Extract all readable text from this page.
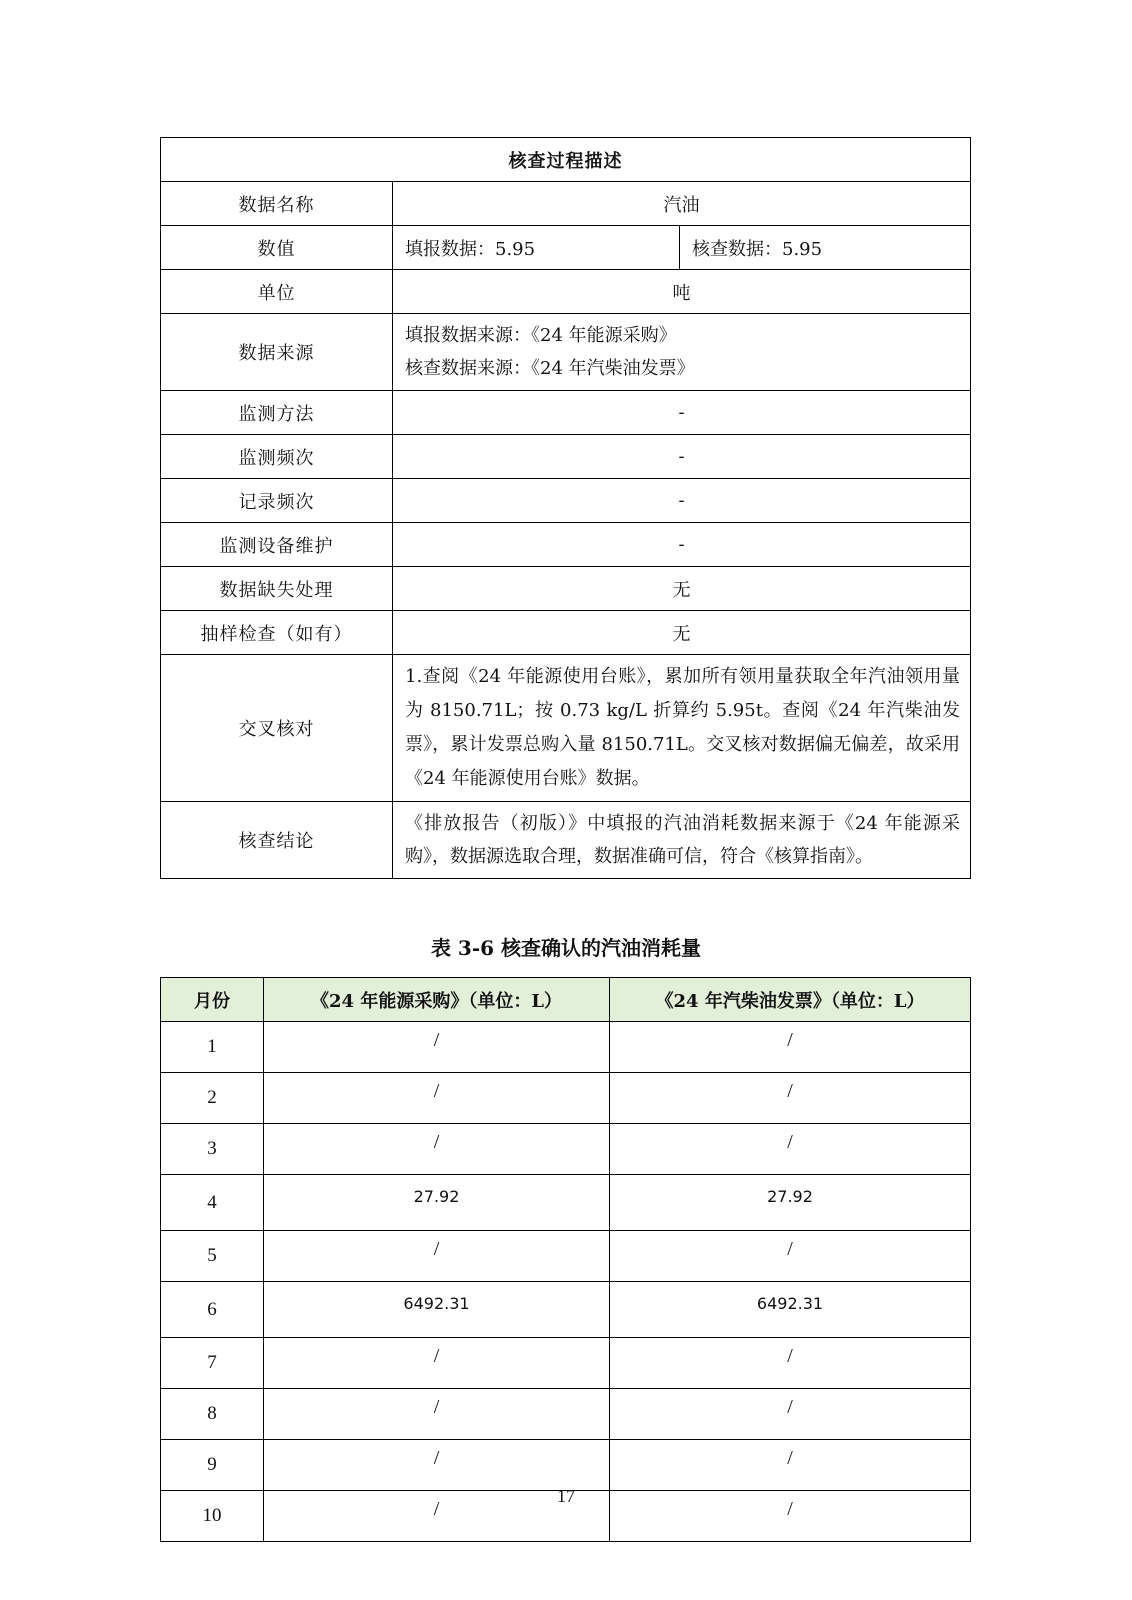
核查过程描述		
数据名称	汽油	
数值	填报数据：5.95	核查数据：5.95
单位	吨	
数据来源	填报数据来源：《24 年能源采购》
核查数据来源：《24 年汽柴油发票》	

监测方法	-	
监测频次	-	
记录频次	-	
监测设备维护	-	
数据缺失处理	无	
抽样检查（如有）	无	
交叉核对	1.查阅《24 年能源使用台账》，累加所有领用量获取全年汽油领用量为 8150.71L；按 0.73 kg/L 折算约 5.95t。查阅《24 年汽柴油发票》，累计发票总购入量 8150.71L。交叉核对数据偏无偏差，故采用《24 年能源使用台账》数据。	
核查结论	《排放报告（初版）》中填报的汽油消耗数据来源于《24 年能源采购》，数据源选取合理，数据准确可信，符合《核算指南》。	
表 3-6 核查确认的汽油消耗量
月份	《24 年能源采购》（单位：L）	《24 年汽柴油发票》（单位：L）
1	/	/
2	/	/
3	/	/
4	27.92	27.92
5	/	/
6	6492.31	6492.31
7	/	/
8	/	/
9	/	/
10	/	/
17
